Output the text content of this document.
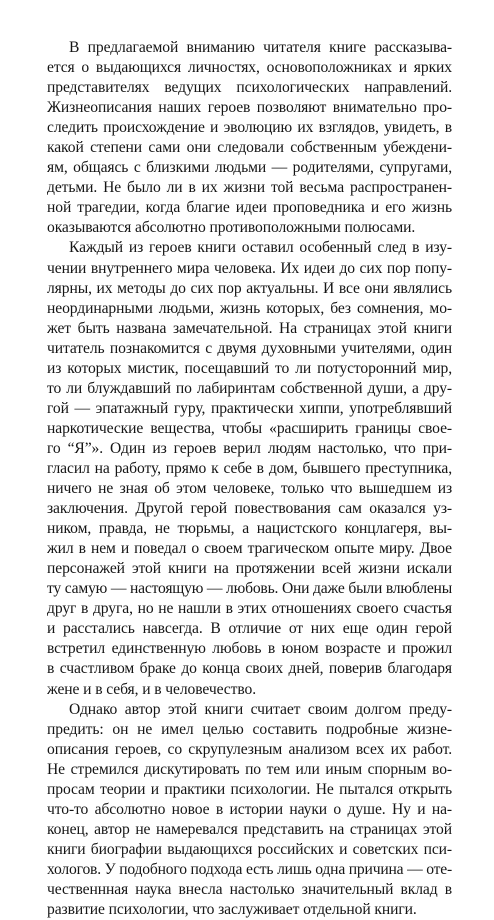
В предлагаемой вниманию читателя книге рассказыва-
ется о выдающихся личностях, основоположниках и ярких
представителях ведущих психологических направлений.
Жизнеописания наших героев позволяют внимательно про-
следить происхождение и эволюцию их взглядов, увидеть, в
какой степени сами они следовали собственным убеждени-
ям, общаясь с близкими людьми — родителями, супругами,
детьми. Не было ли в их жизни той весьма распространен-
ной трагедии, когда благие идеи проповедника и его жизнь
оказываются абсолютно противоположными полюсами.
Каждый из героев книги оставил особенный след в изу-
чении внутреннего мира человека. Их идеи до сих пор попу-
лярны, их методы до сих пор актуальны. И все они являлись
неординарными людьми, жизнь которых, без сомнения, мо-
жет быть названа замечательной. На страницах этой книги
читатель познакомится с двумя духовными учителями, один
из которых мистик, посещавший то ли потусторонний мир,
то ли блуждавший по лабиринтам собственной души, а дру-
гой — эпатажный гуру, практически хиппи, употреблявший
наркотические вещества, чтобы «расширить границы свое-
го “Я”». Один из героев верил людям настолько, что при-
гласил на работу, прямо к себе в дом, бывшего преступника,
ничего не зная об этом человеке, только что вышедшем из
заключения. Другой герой повествования сам оказался уз-
ником, правда, не тюрьмы, а нацистского концлагеря, вы-
жил в нем и поведал о своем трагическом опыте миру. Двое
персонажей этой книги на протяжении всей жизни искали
ту самую — настоящую — любовь. Они даже были влюблены
друг в друга, но не нашли в этих отношениях своего счастья
и расстались навсегда. В отличие от них еще один герой
встретил единственную любовь в юном возрасте и прожил
в счастливом браке до конца своих дней, поверив благодаря
жене и в себя, и в человечество.
Однако автор этой книги считает своим долгом преду-
предить: он не имел целью составить подробные жизне-
описания героев, со скрупулезным анализом всех их работ.
Не стремился дискутировать по тем или иным спорным во-
просам теории и практики психологии. Не пытался открыть
что-то абсолютно новое в истории науки о душе. Ну и на-
конец, автор не намеревался представить на страницах этой
книги биографии выдающихся российских и советских пси-
хологов. У подобного подхода есть лишь одна причина — оте-
чественнная наука внесла настолько значительный вклад в
развитие психологии, что заслуживает отдельной книги.
